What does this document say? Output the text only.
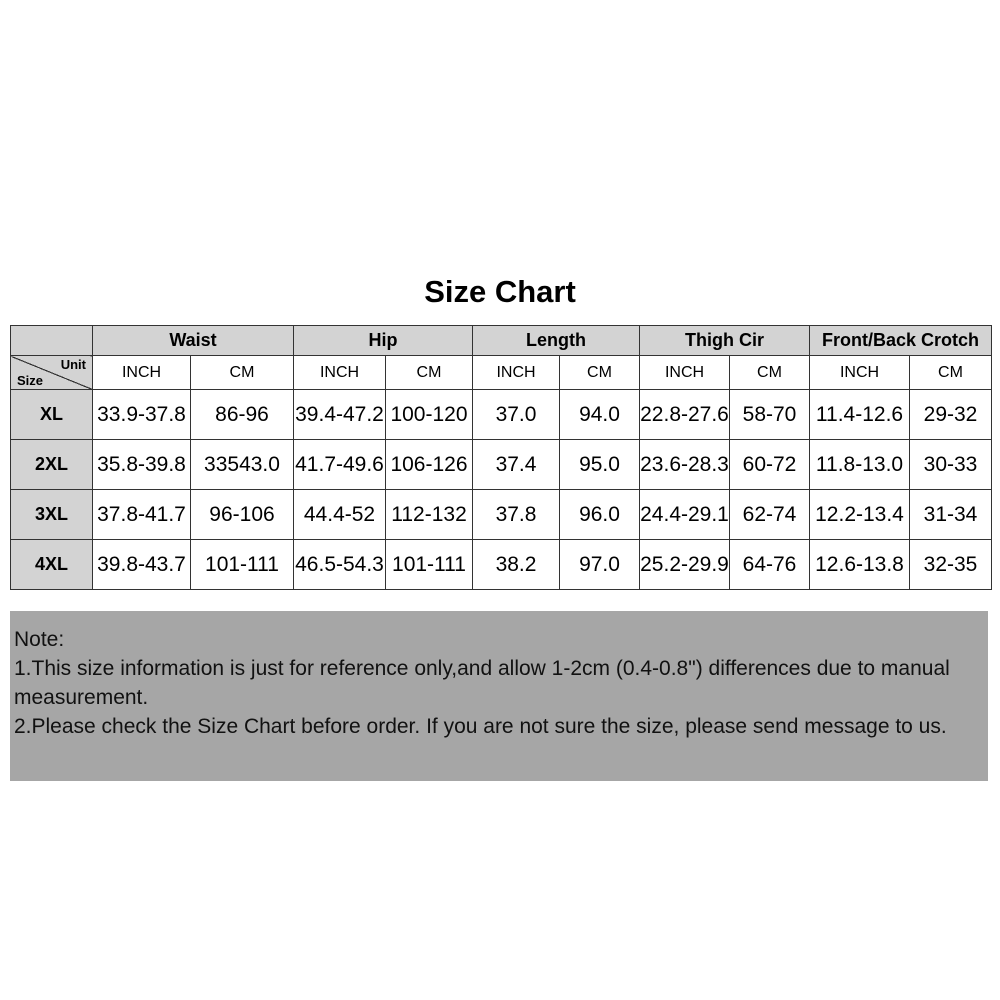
Size Chart
	Waist		Hip		Length		Thigh Cir		Front/Back Crotch	

Unit
Size	INCH	CM	INCH	CM	INCH	CM	INCH	CM	INCH	CM
XL	33.9-37.8	86-96	39.4-47.2	100-120	37.0	94.0	22.8-27.6	58-70	11.4-12.6	29-32
2XL	35.8-39.8	33543.0	41.7-49.6	106-126	37.4	95.0	23.6-28.3	60-72	11.8-13.0	30-33
3XL	37.8-41.7	96-106	44.4-52	112-132	37.8	96.0	24.4-29.1	62-74	12.2-13.4	31-34
4XL	39.8-43.7	101-111	46.5-54.3	101-111	38.2	97.0	25.2-29.9	64-76	12.6-13.8	32-35

Note:

1.This size information is just for reference only,and allow 1-2cm (0.4-0.8") differences due to manual measurement.

2.Please check the Size Chart before order. If you are not sure the size, please send message to us.
